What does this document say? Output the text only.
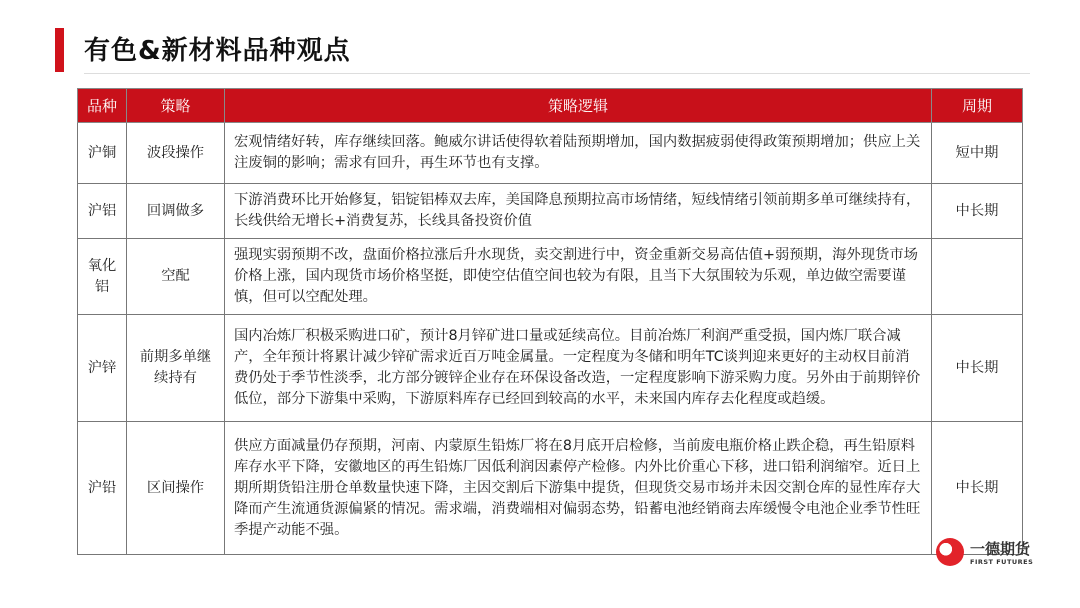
有色&新材料品种观点
品种	策略	策略逻辑	周期
沪铜	波段操作	宏观情绪好转，库存继续回落。鲍威尔讲话使得软着陆预期增加，国内数据疲弱使得政策预期增加；供应上关注废铜的影响；需求有回升，再生环节也有支撑。	短中期
沪铝	回调做多	下游消费环比开始修复，铝锭铝棒双去库，美国降息预期拉高市场情绪，短线情绪引领前期多单可继续持有，长线供给无增长+消费复苏，长线具备投资价值	中长期
氧化铝	空配	强现实弱预期不改，盘面价格拉涨后升水现货，卖交割进行中，资金重新交易高估值+弱预期，海外现货市场价格上涨，国内现货市场价格坚挺，即使空估值空间也较为有限，且当下大氛围较为乐观，单边做空需要谨慎，但可以空配处理。	
沪锌	前期多单继续持有	国内冶炼厂积极采购进口矿，预计8月锌矿进口量或延续高位。目前冶炼厂利润严重受损，国内炼厂联合减产，全年预计将累计减少锌矿需求近百万吨金属量。一定程度为冬储和明年TC谈判迎来更好的主动权目前消费仍处于季节性淡季，北方部分镀锌企业存在环保设备改造，一定程度影响下游采购力度。另外由于前期锌价低位，部分下游集中采购，下游原料库存已经回到较高的水平，未来国内库存去化程度或趋缓。	中长期
沪铅	区间操作	供应方面减量仍存预期，河南、内蒙原生铅炼厂将在8月底开启检修，当前废电瓶价格止跌企稳，再生铅原料库存水平下降，安徽地区的再生铅炼厂因低利润因素停产检修。内外比价重心下移，进口铅利润缩窄。近日上期所期货铅注册仓单数量快速下降，主因交割后下游集中提货，但现货交易市场并未因交割仓库的显性库存大降而产生流通货源偏紧的情况。需求端，消费端相对偏弱态势，铅蓄电池经销商去库缓慢令电池企业季节性旺季提产动能不强。	中长期
一德期货
FIRST FUTURES
